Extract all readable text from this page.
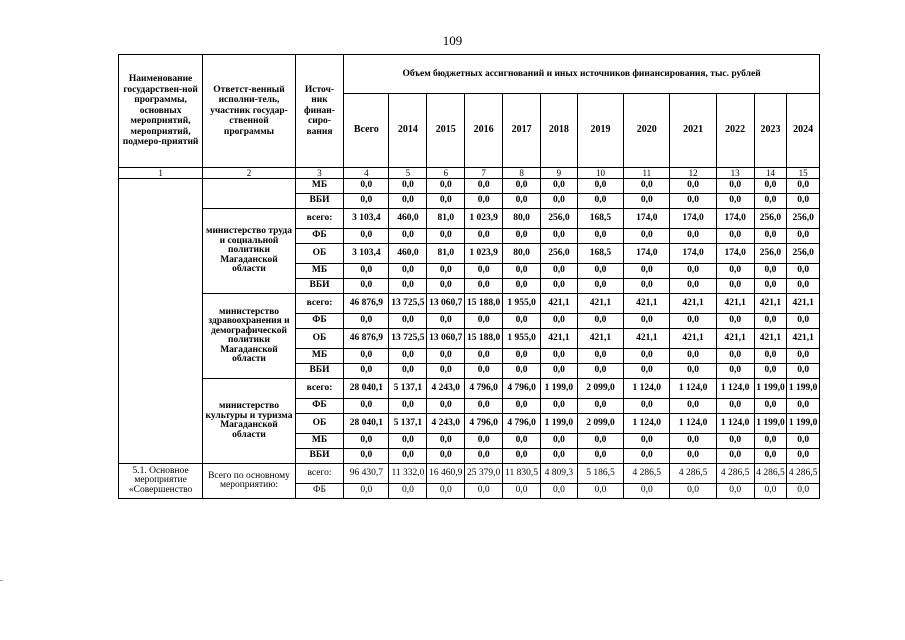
109
Наименование государствен-ной программы, основных мероприятий, мероприятий, подмеро-приятий	Ответст-венный исполни-тель, участник государ-ственной программы	Источ-ник финан-сиро-вания	Объем бюджетных ассигнований и иных источников финансирования, тыс. рублей											
			Всего	2014	2015	2016	2017	2018	2019	2020	2021	2022	2023	2024
1	2	3	4	5	6	7	8	9	10	11	12	13	14	15
		МБ	0,0	0,0	0,0	0,0	0,0	0,0	0,0	0,0	0,0	0,0	0,0	0,0
		ВБИ	0,0	0,0	0,0	0,0	0,0	0,0	0,0	0,0	0,0	0,0	0,0	0,0
	министерство труда и социальной политики Магаданской области	всего:	3 103,4	460,0	81,0	1 023,9	80,0	256,0	168,5	174,0	174,0	174,0	256,0	256,0
		ФБ	0,0	0,0	0,0	0,0	0,0	0,0	0,0	0,0	0,0	0,0	0,0	0,0
		ОБ	3 103,4	460,0	81,0	1 023,9	80,0	256,0	168,5	174,0	174,0	174,0	256,0	256,0
		МБ	0,0	0,0	0,0	0,0	0,0	0,0	0,0	0,0	0,0	0,0	0,0	0,0
		ВБИ	0,0	0,0	0,0	0,0	0,0	0,0	0,0	0,0	0,0	0,0	0,0	0,0
	министерство здравоохранения и демографической политики Магаданской области	всего:	46 876,9	13 725,5	13 060,7	15 188,0	1 955,0	421,1	421,1	421,1	421,1	421,1	421,1	421,1
		ФБ	0,0	0,0	0,0	0,0	0,0	0,0	0,0	0,0	0,0	0,0	0,0	0,0
		ОБ	46 876,9	13 725,5	13 060,7	15 188,0	1 955,0	421,1	421,1	421,1	421,1	421,1	421,1	421,1
		МБ	0,0	0,0	0,0	0,0	0,0	0,0	0,0	0,0	0,0	0,0	0,0	0,0
		ВБИ	0,0	0,0	0,0	0,0	0,0	0,0	0,0	0,0	0,0	0,0	0,0	0,0
	министерство культуры и туризма Магаданской области	всего:	28 040,1	5 137,1	4 243,0	4 796,0	4 796,0	1 199,0	2 099,0	1 124,0	1 124,0	1 124,0	1 199,0	1 199,0
		ФБ	0,0	0,0	0,0	0,0	0,0	0,0	0,0	0,0	0,0	0,0	0,0	0,0
		ОБ	28 040,1	5 137,1	4 243,0	4 796,0	4 796,0	1 199,0	2 099,0	1 124,0	1 124,0	1 124,0	1 199,0	1 199,0
		МБ	0,0	0,0	0,0	0,0	0,0	0,0	0,0	0,0	0,0	0,0	0,0	0,0
		ВБИ	0,0	0,0	0,0	0,0	0,0	0,0	0,0	0,0	0,0	0,0	0,0	0,0
5.1. Основное мероприятие «Совершенство	Всего по основному мероприятию:	всего:	96 430,7	11 332,0	16 460,9	25 379,0	11 830,5	4 809,3	5 186,5	4 286,5	4 286,5	4 286,5	4 286,5	4 286,5
		ФБ	0,0	0,0	0,0	0,0	0,0	0,0	0,0	0,0	0,0	0,0	0,0	0,0
